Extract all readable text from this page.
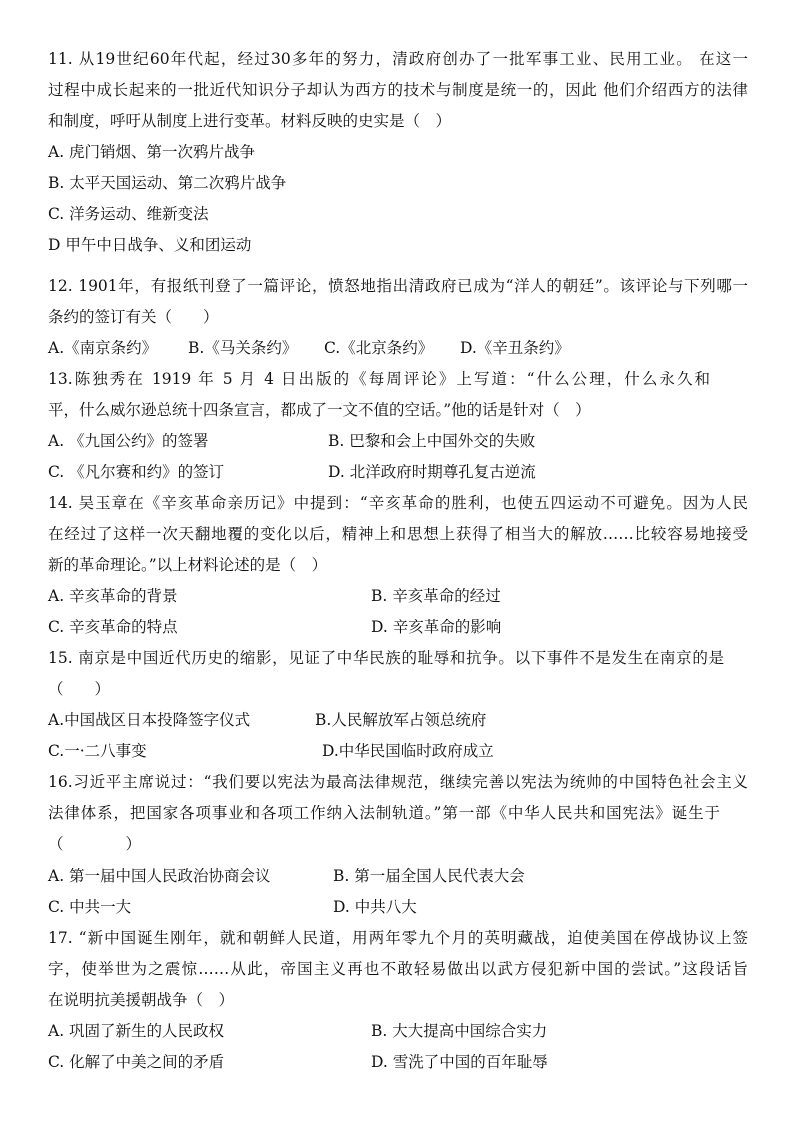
11. 从19世纪60年代起，经过30多年的努力，清政府创办了一批军事工业、民用工业。 在这一
过程中成长起来的一批近代知识分子却认为西方的技术与制度是统一的，因此 他们介绍西方的法律
和制度，呼吁从制度上进行变革。材料反映的史实是（　）
A. 虎门销烟、第一次鸦片战争
B. 太平天国运动、第二次鸦片战争
C. 洋务运动、维新变法
D 甲午中日战争、义和团运动
12. 1901年，有报纸刊登了一篇评论，愤怒地指出清政府已成为“洋人的朝廷”。该评论与下列哪一
条约的签订有关（　　）
A.《南京条约》 B.《马关条约》 C.《北京条约》 D.《辛丑条约》
13.陈独秀在 1919 年 5 月 4 日出版的《每周评论》上写道：“什么公理，什么永久和
平，什么威尔逊总统十四条宣言，都成了一文不值的空话。”他的话是针对（　）
A. 《九国公约》的签署	B. 巴黎和会上中国外交的失败
C. 《凡尔赛和约》的签订	D. 北洋政府时期尊孔复古逆流
14. 吴玉章在《辛亥革命亲历记》中提到：“辛亥革命的胜利，也使五四运动不可避免。因为人民
在经过了这样一次天翻地覆的变化以后，精神上和思想上获得了相当大的解放……比较容易地接受
新的革命理论。”以上材料论述的是（　）
A. 辛亥革命的背景	B. 辛亥革命的经过
C. 辛亥革命的特点	D. 辛亥革命的影响
15. 南京是中国近代历史的缩影，见证了中华民族的耻辱和抗争。以下事件不是发生在南京的是
（　　）
A.中国战区日本投降签字仪式	B.人民解放军占领总统府
C.一·二八事变	D.中华民国临时政府成立
16.习近平主席说过：“我们要以宪法为最高法律规范，继续完善以宪法为统帅的中国特色社会主义
法律体系，把国家各项事业和各项工作纳入法制轨道。”第一部《中华人民共和国宪法》诞生于
（　　　　）
A. 第一届中国人民政治协商会议	B. 第一届全国人民代表大会
C. 中共一大	D. 中共八大
17. “新中国诞生刚年，就和朝鲜人民道，用两年零九个月的英明藏战，迫使美国在停战协议上签
字，使举世为之震惊……从此，帝国主义再也不敢轻易做出以武方侵犯新中国的尝试。”这段话旨
在说明抗美援朝战争（　）
A. 巩固了新生的人民政权	B. 大大提高中国综合实力
C. 化解了中美之间的矛盾	D. 雪洗了中国的百年耻辱
